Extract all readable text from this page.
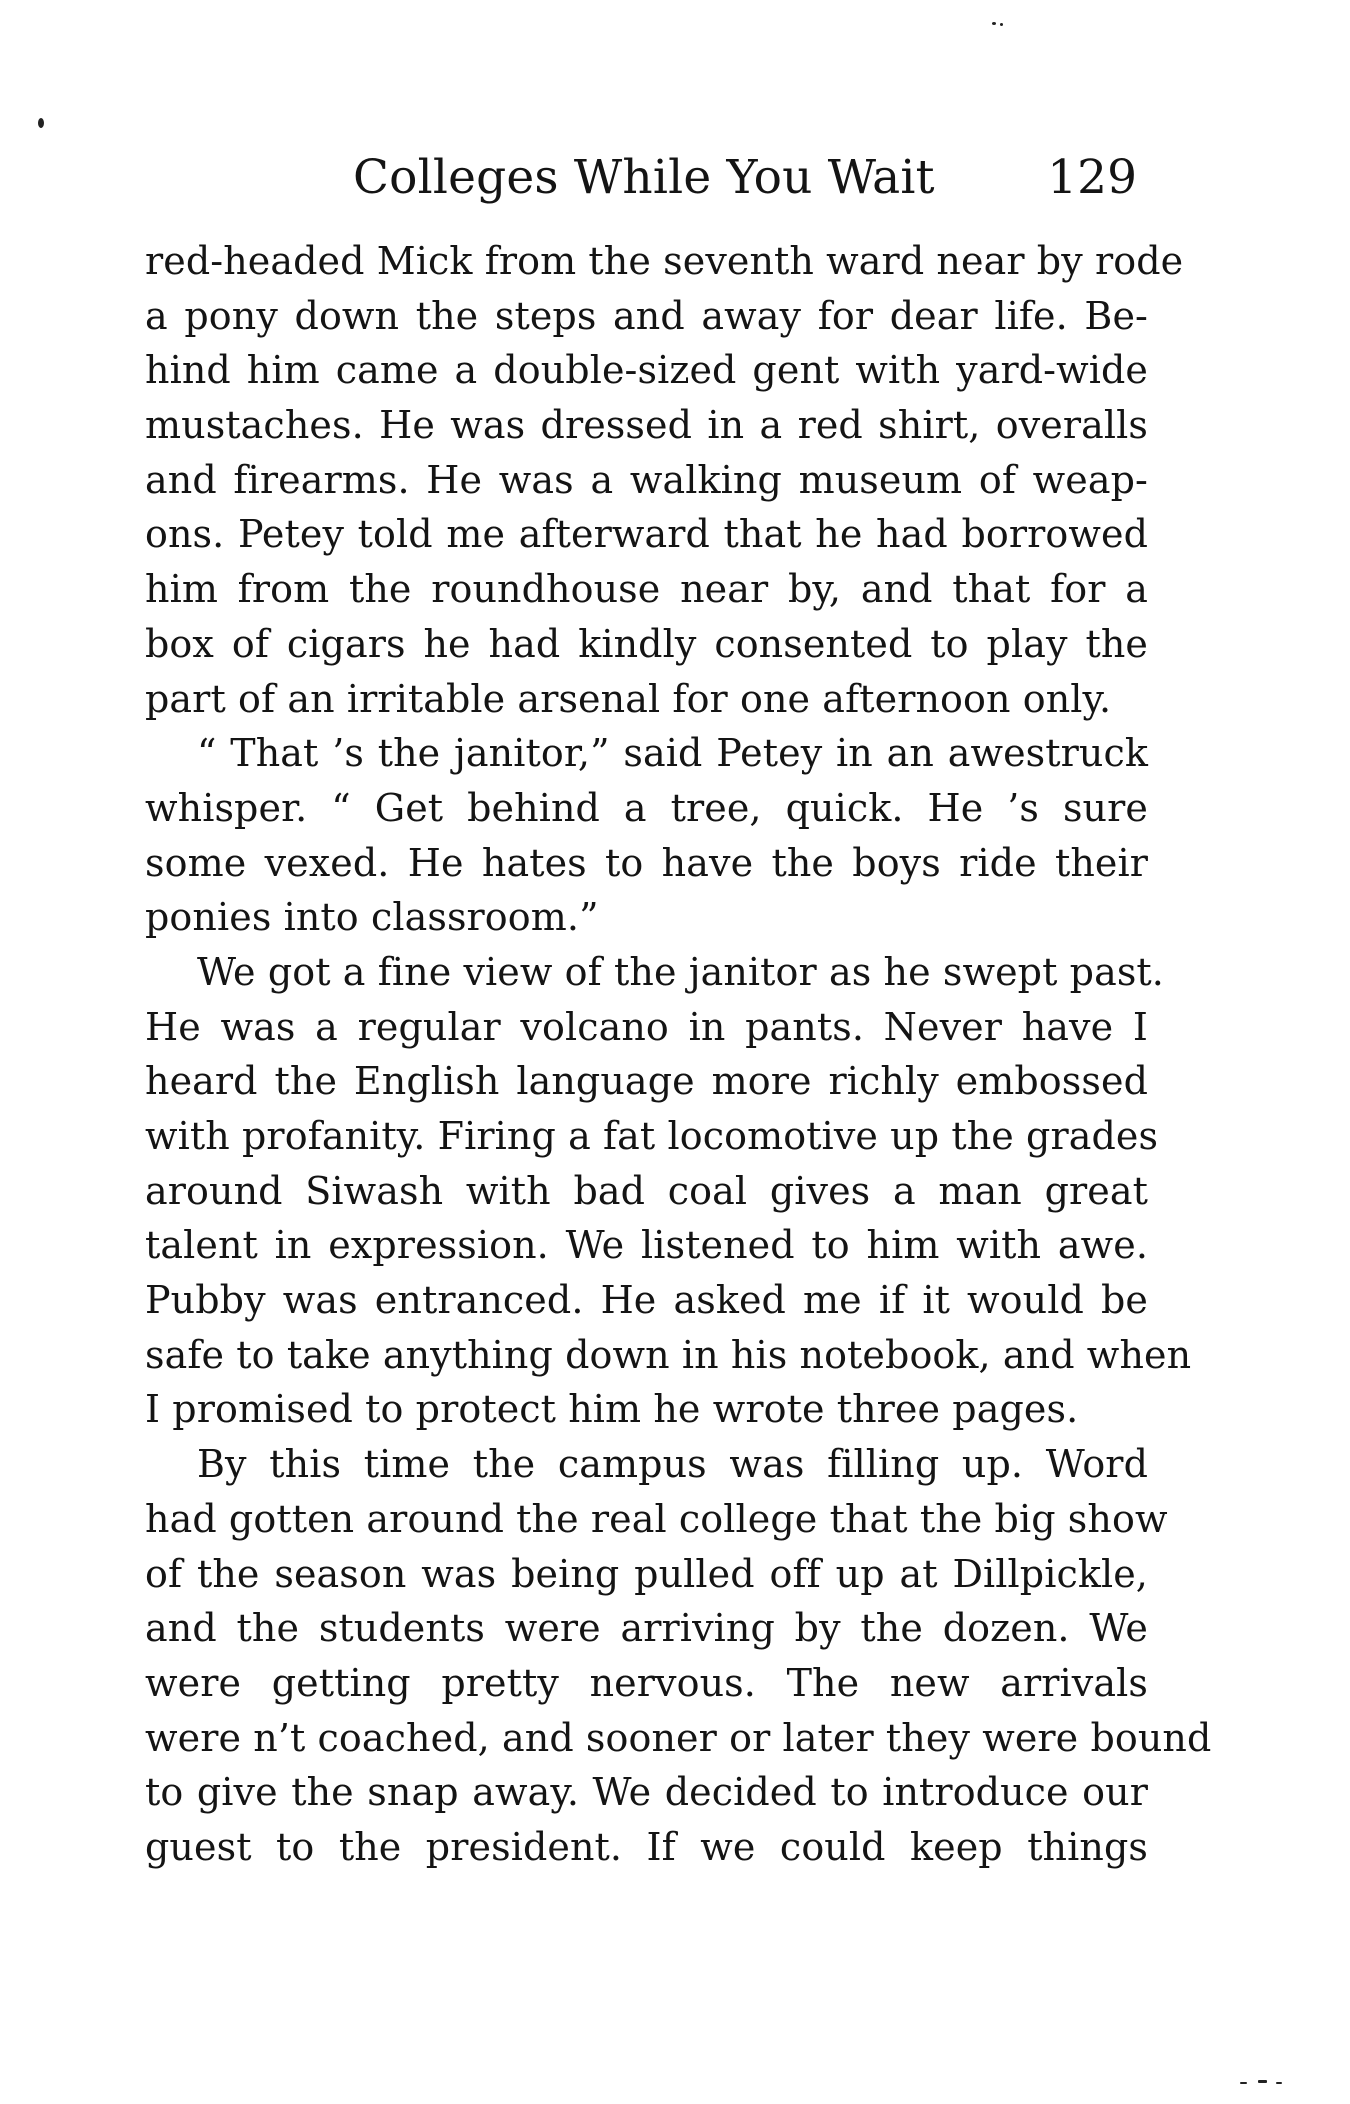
Colleges While You Wait 129
red-headed Mick from the seventh ward near by rode
a pony down the steps and away for dear life. Be-
hind him came a double-sized gent with yard-wide
mustaches. He was dressed in a red shirt, overalls
and firearms. He was a walking museum of weap-
ons. Petey told me afterward that he had borrowed
him from the roundhouse near by, and that for a
box of cigars he had kindly consented to play the
part of an irritable arsenal for one afternoon only.
“ That ’s the janitor,” said Petey in an awestruck
whisper. “ Get behind a tree, quick. He ’s sure
some vexed. He hates to have the boys ride their
ponies into classroom.”
We got a fine view of the janitor as he swept past.
He was a regular volcano in pants. Never have I
heard the English language more richly embossed
with profanity. Firing a fat locomotive up the grades
around Siwash with bad coal gives a man great
talent in expression. We listened to him with awe.
Pubby was entranced. He asked me if it would be
safe to take anything down in his notebook, and when
I promised to protect him he wrote three pages.
By this time the campus was filling up. Word
had gotten around the real college that the big show
of the season was being pulled off up at Dillpickle,
and the students were arriving by the dozen. We
were getting pretty nervous. The new arrivals
were n’t coached, and sooner or later they were bound
to give the snap away. We decided to introduce our
guest to the president. If we could keep things
